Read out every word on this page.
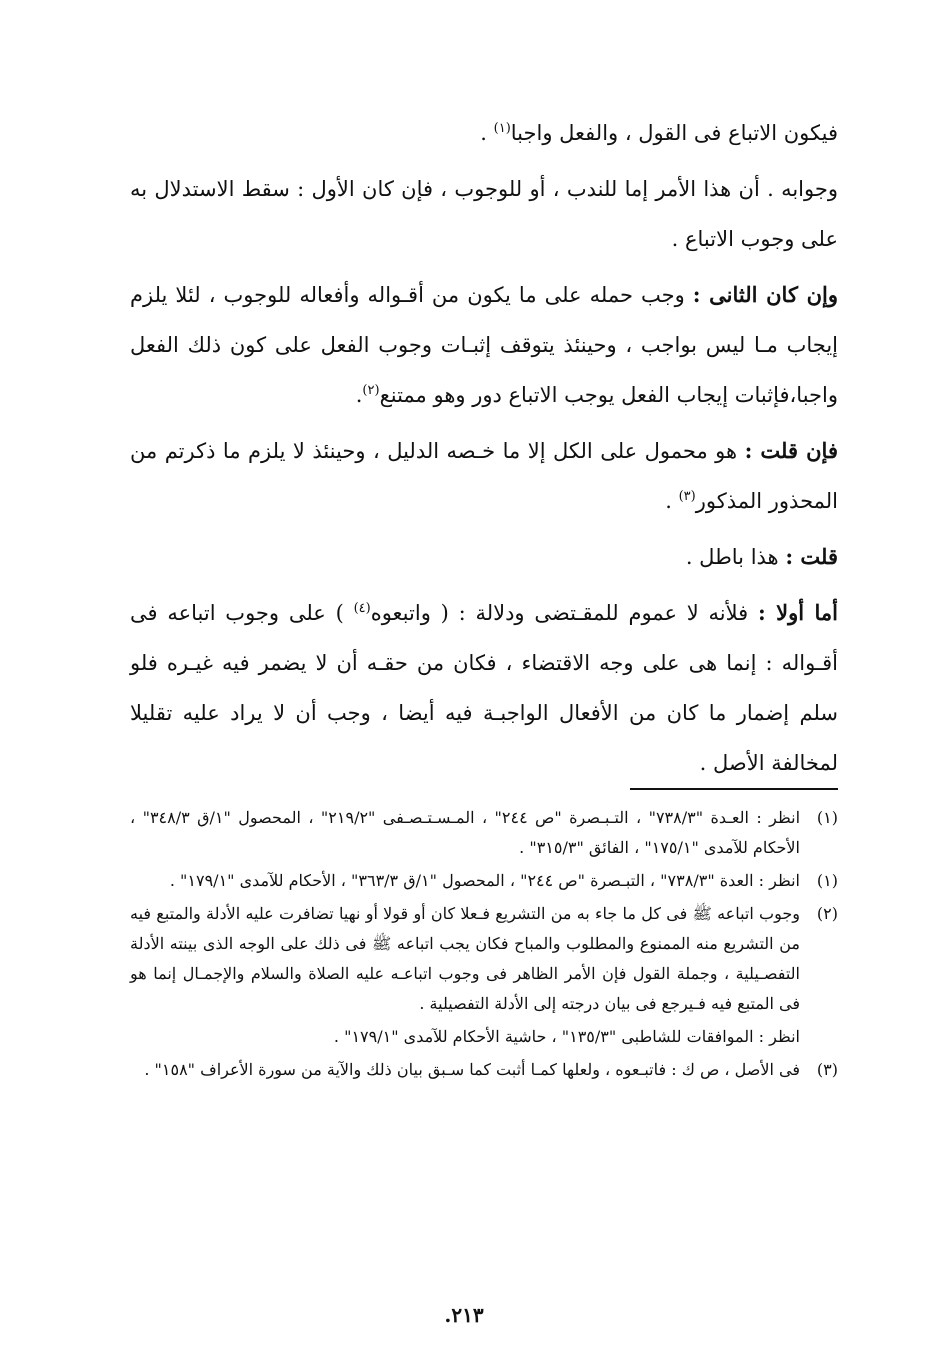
فيكون الاتباع فى القول ، والفعل واجبا$^{(١)}$ .

وجوابه . أن هذا الأمر إما للندب ، أو للوجوب ، فإن كان الأول : سقط الاستدلال به على وجوب الاتباع .

وإن كان الثانى : وجب حمله على ما يكون من أقـواله وأفعاله للوجوب ، لئلا يلزم إيجاب مـا ليس بواجب ، وحينئذ يتوقف إثبـات وجوب الفعل على كون ذلك الفعل واجبا،فإثبات إيجاب الفعل يوجب الاتباع دور وهو ممتنع$^{(٢)}$.

فإن قلت : هو محمول على الكل إلا ما خـصه الدليل ، وحينئذ لا يلزم ما ذكرتم من المحذور المذكور$^{(٣)}$ .

قلت : هذا باطل .

أما أولا : فلأنه لا عموم للمقـتضى ودلالة : ( واتبعوه$^{(٤)}$ ) على وجوب اتباعه فى أقـواله : إنما هى على وجه الاقتضاء ، فكان من حقـه أن لا يضمر فيه غيـره فلو سلم إضمار ما كان من الأفعال الواجبـة فيه أيضا ، وجب أن لا يراد عليه تقليلا لمخالفة الأصل .

(١)
انظر : العـدة "٧٣٨/٣" ، التـبـصرة "ص ٢٤٤" ، المـسـتـصـفى "٢١٩/٢" ، المحصول "١/ق ٣٤٨/٣" ، الأحكام للآمدى "١٧٥/١" ، الفائق "٣١٥/٣" .
(١)
انظر : العدة "٧٣٨/٣" ، التبـصرة "ص ٢٤٤" ، المحصول "١/ق ٣٦٣/٣" ، الأحكام للآمدى "١٧٩/١" .
(٢)
وجوب اتباعه ﷺ فى كل ما جاء به من التشريع فـعلا كان أو قولا أو نهيا تضافرت عليه الأدلة والمتبع فيه من التشريع منه الممنوع والمطلوب والمباح فكان يجب اتباعه ﷺ فى ذلك على الوجه الذى بينته الأدلة التفصـيلية ، وجملة القول فإن الأمر الظاهر فى وجوب اتباعـه عليه الصلاة والسلام والإجمـال إنما هو فى المتبع فيه فـيرجع فى بيان درجته إلى الأدلة التفصيلية .
انظر : الموافقات للشاطبى "١٣٥/٣" ، حاشية الأحكام للآمدى "١٧٩/١" .
(٣)
فى الأصل ، ص ك : فاتبـعوه ، ولعلها كمـا أثبت كما سـبق بيان ذلك والآية من سورة الأعراف "١٥٨" .
٢١٣.
